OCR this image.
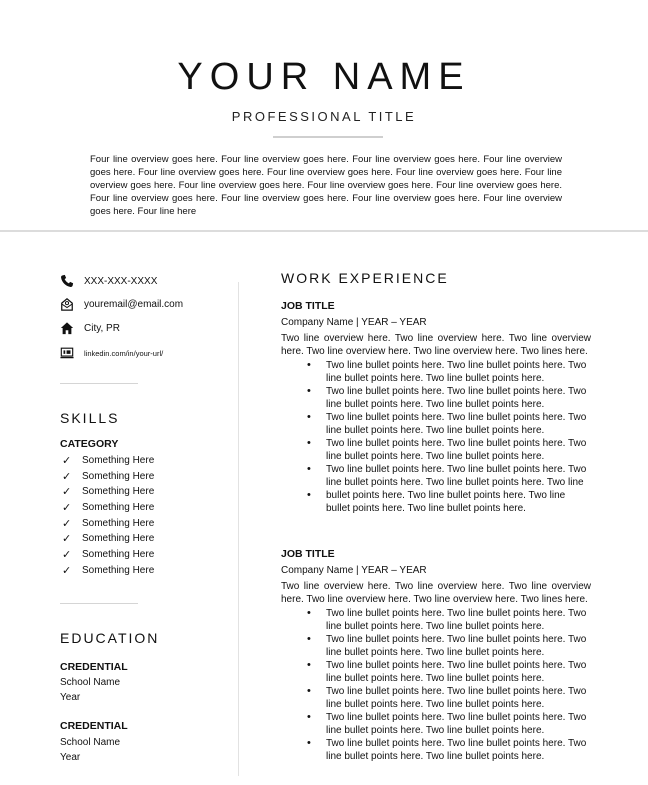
YOUR NAME
PROFESSIONAL TITLE
Four line overview goes here. Four line overview goes here. Four line overview goes here. Four line overview goes here. Four line overview goes here. Four line overview goes here. Four line overview goes here. Four line overview goes here. Four line overview goes here. Four line overview goes here. Four line overview goes here. Four line overview goes here. Four line overview goes here. Four line overview goes here. Four line overview goes here. Four line here
XXX-XXX-XXXX
youremail@email.com
City, PR
linkedin.com/in/your-url/
SKILLS
CATEGORY
✓	Something Here
✓	Something Here
✓	Something Here
✓	Something Here
✓	Something Here
✓	Something Here
✓	Something Here
✓	Something Here
EDUCATION
CREDENTIAL
School Name
Year
CREDENTIAL
School Name
Year
WORK EXPERIENCE
JOB TITLE
Company Name | YEAR – YEAR
Two line overview here. Two line overview here. Two line overview here. Two line overview here. Two line overview here. Two lines here.
• Two line bullet points here. Two line bullet points here. Two line bullet points here. Two line bullet points here.
• Two line bullet points here. Two line bullet points here. Two line bullet points here. Two line bullet points here.
• Two line bullet points here. Two line bullet points here. Two line bullet points here. Two line bullet points here.
• Two line bullet points here. Two line bullet points here. Two line bullet points here. Two line bullet points here.
• Two line bullet points here. Two line bullet points here. Two line bullet points here. Two line bullet points here. Two line
• bullet points here. Two line bullet points here. Two line bullet points here. Two line bullet points here.
JOB TITLE
Company Name | YEAR – YEAR
Two line overview here. Two line overview here. Two line overview here. Two line overview here. Two line overview here. Two lines here.
• Two line bullet points here. Two line bullet points here. Two line bullet points here. Two line bullet points here.
• Two line bullet points here. Two line bullet points here. Two line bullet points here. Two line bullet points here.
• Two line bullet points here. Two line bullet points here. Two line bullet points here. Two line bullet points here.
• Two line bullet points here. Two line bullet points here. Two line bullet points here. Two line bullet points here.
• Two line bullet points here. Two line bullet points here. Two line bullet points here. Two line bullet points here.
• Two line bullet points here. Two line bullet points here. Two line bullet points here. Two line bullet points here.
